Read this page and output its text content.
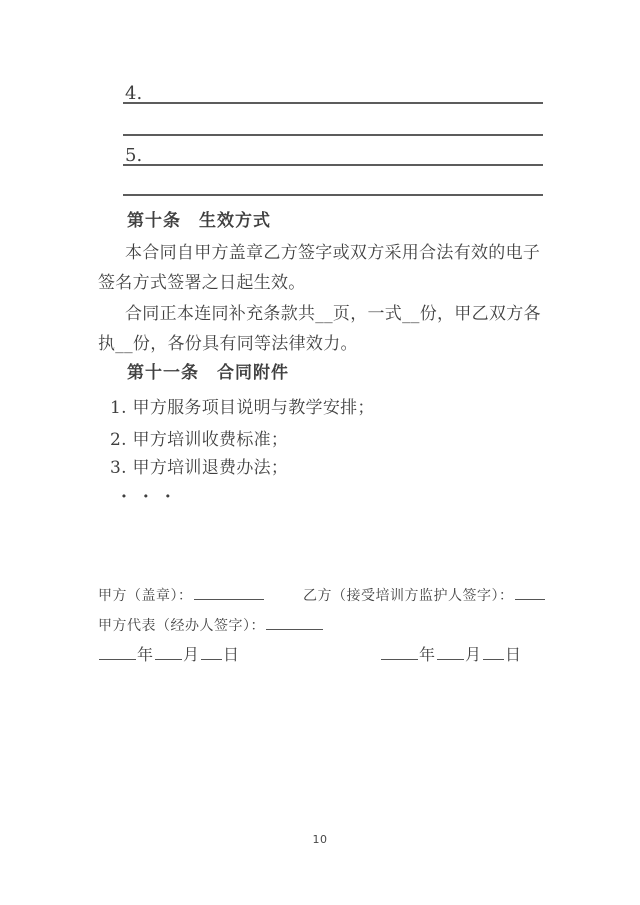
4.
5.
第十条　生效方式
本合同自甲方盖章乙方签字或双方采用合法有效的电子
签名方式签署之日起生效。
合同正本连同补充条款共__页，一式__份，甲乙双方各
执__份，各份具有同等法律效力。
第十一条　合同附件
1. 甲方服务项目说明与教学安排；
2. 甲方培训收费标准；
3. 甲方培训退费办法；
···
甲方（盖章）：	乙方（接受培训方监护人签字）：
甲方代表（经办人签字）：
年 月 日	年 月 日
10
